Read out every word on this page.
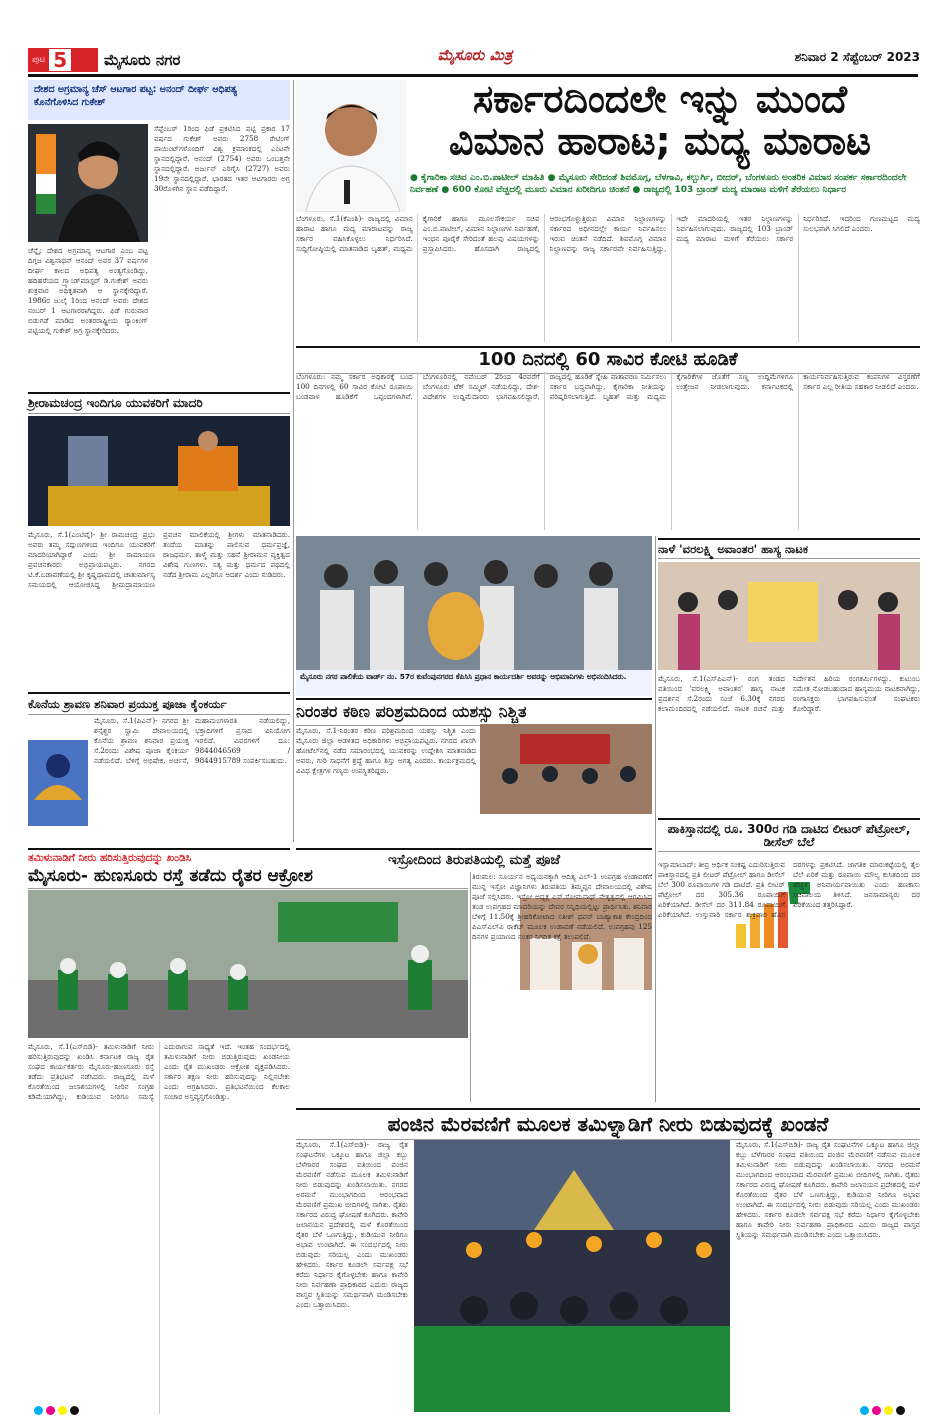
ಪುಟ 5 ಮೈಸೂರು ನಗರ	ಮೈಸೂರು ಮಿತ್ರ	ಶನಿವಾರ 2 ಸೆಪ್ಟೆಂಬರ್ 2023
ದೇಶದ ಅಗ್ರಮಾನ್ಯ ಚೆಸ್ ಆಟಗಾರ ಪಟ್ಟ: ಆನಂದ್ ದೀರ್ಘ ಆಧಿಪತ್ಯ ಕೊನೆಗೊಳಿಸಿದ ಗುಕೇಶ್
ಸೆಪ್ಟೆಂಬರ್ 1ರಿಂದ ಫಿಡೆ ಪ್ರಕಟಿಸಿದ ಪಟ್ಟಿ ಪ್ರಕಾರ 17 ವರ್ಷದ ಗುಕೇಶ್ ಅವರು 2758 ರೇಟಿಂಗ್ ಪಾಯಿಂಟ್‌ಗಳೊಂದಿಗೆ ವಿಶ್ವ ಕ್ರಮಾಂಕದಲ್ಲಿ ಎಂಟನೇ ಸ್ಥಾನದಲ್ಲಿದ್ದಾರೆ. ಆನಂದ್ (2754) ಅವರು ಒಂಬತ್ತನೇ ಸ್ಥಾನದಲ್ಲಿದ್ದಾರೆ. ಅರ್ಜುನ್ ಎರಿಗೈಸಿ (2727) ಅವರು 19ನೇ ಸ್ಥಾನದಲ್ಲಿದ್ದಾರೆ. ಭಾರತದ ಇತರ ಆಟಗಾರರು ಅಗ್ರ 30ರೊಳಗಿನ ಸ್ಥಾನ ಪಡೆದಿದ್ದಾರೆ.
ಚೆನ್ನೈ: ದೇಶದ ಅಗ್ರಮಾನ್ಯ ಆಟಗಾರ ಎಂಬ ಪಟ್ಟ ದಿಗ್ಗಜ ವಿಶ್ವನಾಥನ್ ಆನಂದ್ ಅವರ 37 ವರ್ಷಗಳ ದೀರ್ಘ ಕಾಲದ ಅಧಿಪತ್ಯ ಅಂತ್ಯಗೊಂಡಿದ್ದು, ಹದಿಹರೆಯದ ಗ್ರ್ಯಾಂಡ್‌ಮಾಸ್ಟರ್ ಡಿ.ಗುಕೇಶ್ ಅವರು ಶುಕ್ರವಾರ ಅಧಿಕೃತವಾಗಿ ಆ ಸ್ಥಾನಕ್ಕೇರಿದ್ದಾರೆ. 1986ರ ಜುಲೈ 1ರಿಂದ ಆನಂದ್ ಅವರು ದೇಶದ ನಂಬರ್ 1 ಆಟಗಾರರಾಗಿದ್ದರು. ಫಿಡೆ ಗುರುವಾರ ಬಿಡುಗಡೆ ಮಾಡಿದ ಅಂತರರಾಷ್ಟ್ರೀಯ ರ‍್ಯಾಂಕಿಂಗ್ ಪಟ್ಟಿಯಲ್ಲಿ ಗುಕೇಶ್ ಅಗ್ರ ಸ್ಥಾನಕ್ಕೇರಿದರು.
ಶ್ರೀರಾಮಚಂದ್ರ ಇಂದಿಗೂ ಯುವಕರಿಗೆ ಮಾದರಿ
ಮೈಸೂರು, ಸೆ.1(ಎಂಟಿವೈ)- ಶ್ರೀ ರಾಮಚಂದ್ರ ಪ್ರಭು ಅವರು ತಮ್ಮ ಸದ್ಗುಣಗಳಿಂದ ಇಂದಿಗೂ ಯುವಕರಿಗೆ ಮಾದರಿಯಾಗಿದ್ದಾರೆ ಎಂದು ಶ್ರೀ ರಾಮಾಯಣ ಪ್ರವಚನಕಾರರು ಅಭಿಪ್ರಾಯಪಟ್ಟರು. ನಗರದ ಟಿ.ಕೆ.ಬಡಾವಣೆಯಲ್ಲಿ ಶ್ರೀ ಕೃಷ್ಣಧಾಮದಲ್ಲಿ ಚಾತುರ್ಮಾಸ್ಯ ಸಮಯದಲ್ಲಿ ಆಯೋಜಿಸಿದ್ದ ಶ್ರೀಮದ್ರಾಮಾಯಣ ಪ್ರವಚನ ಮಾಲಿಕೆಯಲ್ಲಿ ಶ್ರೀಗಳು ಮಾತನಾಡಿದರು. ತಂದೆಯ ಮಾತನ್ನು ಪಾಲಿಸುವ ಧರ್ಮಪ್ರಜ್ಞೆ, ರಾಜಧರ್ಮ, ತಾಳ್ಮೆ ಮತ್ತು ಸಹನೆ ಶ್ರೀರಾಮನ ವ್ಯಕ್ತಿತ್ವದ ವಿಶೇಷ ಗುಣಗಳು. ಸತ್ಯ ಮತ್ತು ಧರ್ಮದ ಪಥದಲ್ಲಿ ನಡೆದ ಶ್ರೀರಾಮ ಎಲ್ಲರಿಗೂ ಆದರ್ಶ ಎಂದು ನುಡಿದರು.
ಕೊನೆಯ ಶ್ರಾವಣ ಶನಿವಾರ ಪ್ರಯುಕ್ತ ಪೂಜಾ ಕೈಂಕರ್ಯ
ಮೈಸೂರು, ಸೆ.1(ಪಿಎನ್)- ನಗರದ ಶ್ರೀ ಶನೈಶ್ಚರ ಸ್ವಾಮಿ ದೇವಾಲಯದಲ್ಲಿ ಕೊನೆಯ ಶ್ರಾವಣ ಶನಿವಾರ ಪ್ರಯುಕ್ತ ಸೆ.2ರಂದು ವಿಶೇಷ ಪೂಜಾ ಕೈಂಕರ್ಯ ನಡೆಯಲಿದೆ. ಬೆಳಿಗ್ಗೆ ಅಭಿಷೇಕ, ಅರ್ಚನೆ, ಮಹಾಮಂಗಳಾರತಿ ನಡೆಯಲಿದ್ದು, ಭಕ್ತಾದಿಗಳಿಗೆ ಪ್ರಸಾದ ವಿನಿಯೋಗ ಇರಲಿದೆ. ವಿವರಗಳಿಗೆ ದೂ: 9844046569 / 9844915789 ಸಂಪರ್ಕಿಸಬಹುದು.
ಸರ್ಕಾರದಿಂದಲೇ ಇನ್ನು ಮುಂದೆ
ವಿಮಾನ ಹಾರಾಟ; ಮದ್ಯ ಮಾರಾಟ
● ಕೈಗಾರಿಕಾ ಸಚಿವ ಎಂ.ಬಿ.ಪಾಟೀಲ್ ಮಾಹಿತಿ ● ಮೈಸೂರು ಸೇರಿದಂತೆ ಶಿವಮೊಗ್ಗ, ಬೆಳಗಾವಿ, ಕಲ್ಬುರ್ಗಿ, ಬೀದರ್, ಬೆಂಗಳೂರು ಅಂತರಿಕ ವಿಮಾನ ಸಂಪರ್ಕ ಸರ್ಕಾರದಿಂದಲೇ ನಿರ್ವಹಣೆ ● 600 ಕೋಟಿ ವೆಚ್ಚದಲ್ಲಿ ಮೂರು ವಿಮಾನ ಖರೀದಿಗೂ ಚಿಂತನೆ ● ರಾಜ್ಯದಲ್ಲಿ 103 ಬ್ರಾಂಡ್ ಮದ್ಯ ಮಾರಾಟ ಮಳಿಗೆ ತೆರೆಯಲು ನಿರ್ಧಾರ
ಬೆಂಗಳೂರು, ಸೆ.1(ಕೆಎಂಶಿ)- ರಾಜ್ಯದಲ್ಲಿ ವಿಮಾನ ಹಾರಾಟ ಹಾಗೂ ಮದ್ಯ ಮಾರಾಟವನ್ನು ರಾಜ್ಯ ಸರ್ಕಾರ ವಹಿಸಿಕೊಳ್ಳಲು ನಿರ್ಧರಿಸಿದೆ. ಸುದ್ದಿಗೋಷ್ಠಿಯಲ್ಲಿ ಮಾತನಾಡಿದ ಬೃಹತ್, ಮಧ್ಯಮ ಕೈಗಾರಿಕೆ ಹಾಗೂ ಮೂಲಸೌಕರ್ಯ ಸಚಿವ ಎಂ.ಬಿ.ಪಾಟೀಲ್, ವಿಮಾನ ನಿಲ್ದಾಣಗಳ ನಿರ್ವಹಣೆ, ಇಂಧನ ಪೂರೈಕೆ ಸೇರಿದಂತೆ ಹಲವು ವಿಷಯಗಳನ್ನು ಪ್ರಸ್ತಾಪಿಸಿದರು. ಹೊಸದಾಗಿ ರಾಜ್ಯದಲ್ಲಿ ಆರಂಭಗೊಳ್ಳುತ್ತಿರುವ ವಿಮಾನ ನಿಲ್ದಾಣಗಳನ್ನು ಸರ್ಕಾರದ ಅಧೀನದಲ್ಲೇ ಕಾರ್ಯ ನಿರ್ವಹಿಸಲು ಇರುವ ಚಿಂತನೆ ನಡೆದಿದೆ. ಶಿವಮೊಗ್ಗ ವಿಮಾನ ನಿಲ್ದಾಣವನ್ನು ರಾಜ್ಯ ಸರ್ಕಾರವೇ ನಿರ್ವಹಿಸುತ್ತಿದ್ದು, ಇದೇ ಮಾದರಿಯಲ್ಲಿ ಇತರ ನಿಲ್ದಾಣಗಳನ್ನು ನಿರ್ವಹಿಸಲಾಗುವುದು. ರಾಜ್ಯದಲ್ಲಿ 103 ಬ್ರಾಂಡ್ ಮದ್ಯ ಮಾರಾಟ ಮಳಿಗೆ ತೆರೆಯಲು ಸರ್ಕಾರ ನಿರ್ಧರಿಸಿದೆ. ಇದರಿಂದ ಗುಣಮಟ್ಟದ ಮದ್ಯ ಸುಲಭವಾಗಿ ಸಿಗಲಿದೆ ಎಂದರು.
100 ದಿನದಲ್ಲಿ 60 ಸಾವಿರ ಕೋಟಿ ಹೂಡಿಕೆ
ಬೆಂಗಳೂರು: ನಮ್ಮ ಸರ್ಕಾರ ಅಧಿಕಾರಕ್ಕೆ ಬಂದ 100 ದಿನಗಳಲ್ಲಿ 60 ಸಾವಿರ ಕೋಟಿ ರೂಪಾಯಿ ಬಂಡವಾಳ ಹೂಡಿಕೆಗೆ ಒಪ್ಪಂದಗಳಾಗಿವೆ. ಬೆಂಗಳೂರಿನಲ್ಲಿ ನವೆಂಬರ್ 2ರಿಂದ 4ರವರೆಗೆ ಬೆಂಗಳೂರು ಟೆಕ್ ಸಮ್ಮಿಟ್ ನಡೆಯಲಿದ್ದು, ದೇಶ-ವಿದೇಶಗಳ ಉದ್ದಿಮೆದಾರರು ಭಾಗವಹಿಸಲಿದ್ದಾರೆ. ರಾಜ್ಯದಲ್ಲಿ ಹೂಡಿಕೆ ಸ್ನೇಹಿ ವಾತಾವರಣ ನಿರ್ಮಿಸಲು ಸರ್ಕಾರ ಬದ್ಧವಾಗಿದ್ದು, ಕೈಗಾರಿಕಾ ನೀತಿಯನ್ನು ಪರಿಷ್ಕರಿಸಲಾಗುತ್ತಿದೆ. ಬೃಹತ್ ಮತ್ತು ಮಧ್ಯಮ ಕೈಗಾರಿಕೆಗಳ ಜೊತೆಗೆ ಸಣ್ಣ ಉದ್ದಿಮೆಗಳಿಗೂ ಉತ್ತೇಜನ ನೀಡಲಾಗುವುದು. ಕರ್ನಾಟಕದಲ್ಲಿ ಕಾರ್ಯನಿರ್ವಹಿಸುತ್ತಿರುವ ಕಂಪನಿಗಳ ವಿಸ್ತರಣೆಗೆ ಸರ್ಕಾರ ಎಲ್ಲ ರೀತಿಯ ಸಹಕಾರ ನೀಡಲಿದೆ ಎಂದರು.
ಮೈಸೂರು ನಗರ ಪಾಲಿಕೆಯ ವಾರ್ಡ್ ನಂ. 57ರ ಕುವೆಂಪುನಗರದ ಕೆಪಿಸಿಸಿ ಪ್ರಧಾನ ಕಾರ್ಯದರ್ಶಿ ಅವರನ್ನು ಅಭಿಮಾನಿಗಳು ಅಭಿನಂದಿಸಿದರು.
ನಿರಂತರ ಕಠಿಣ ಪರಿಶ್ರಮದಿಂದ ಯಶಸ್ಸು ನಿಶ್ಚಿತ
ಮೈಸೂರು, ಸೆ.1-ನಿರಂತರ ಕಠಿಣ ಪರಿಶ್ರಮದಿಂದ ಯಶಸ್ಸು ನಿಶ್ಚಿತ ಎಂದು ಮೈಸೂರು ಜಿಲ್ಲಾ ಆಡಳಿತದ ಅಧಿಕಾರಿಗಳು ಅಭಿಪ್ರಾಯಪಟ್ಟರು. ನಗರದ ಖಾಸಗಿ ಹೋಟೆಲ್‌ನಲ್ಲಿ ನಡೆದ ಸಮಾರಂಭದಲ್ಲಿ ಯುವಕರನ್ನು ಉದ್ದೇಶಿಸಿ ಮಾತನಾಡಿದ ಅವರು, ಗುರಿ ಸಾಧನೆಗೆ ಶ್ರದ್ಧೆ ಹಾಗೂ ಶಿಸ್ತು ಅಗತ್ಯ ಎಂದರು. ಕಾರ್ಯಕ್ರಮದಲ್ಲಿ ವಿವಿಧ ಕ್ಷೇತ್ರಗಳ ಗಣ್ಯರು ಉಪಸ್ಥಿತರಿದ್ದರು.
ನಾಳೆ 'ವರಲಕ್ಷ್ಮಿ ಅವಾಂತರ' ಹಾಸ್ಯ ನಾಟಕ
ಮೈಸೂರು, ಸೆ.1(ಎಸ್‌ಪಿಎನ್)- ರಂಗ ತಂಡದ ವತಿಯಿಂದ 'ವರಲಕ್ಷ್ಮಿ ಅವಾಂತರ' ಹಾಸ್ಯ ನಾಟಕ ಪ್ರದರ್ಶನ ಸೆ.2ರಂದು ಸಂಜೆ 6.30ಕ್ಕೆ ನಗರದ ಕಲಾಮಂದಿರದಲ್ಲಿ ನಡೆಯಲಿದೆ. ನಾಟಕ ರಚನೆ ಮತ್ತು ನಿರ್ದೇಶನ ಹಿರಿಯ ರಂಗಕರ್ಮಿಗಳದ್ದು. ಕುಟುಂಬ ಸಮೇತ ನೋಡಬಹುದಾದ ಹಾಸ್ಯಮಯ ನಾಟಕವಾಗಿದ್ದು, ರಂಗಾಸಕ್ತರು ಭಾಗವಹಿಸುವಂತೆ ಸಂಘಟಕರು ಕೋರಿದ್ದಾರೆ.
ಪಾಕಿಸ್ತಾನದಲ್ಲಿ ರೂ. 300ರ ಗಡಿ ದಾಟಿದ ಲೀಟರ್ ಪೆಟ್ರೋಲ್, ಡೀಸೆಲ್ ಬೆಲೆ
ಇಸ್ಲಾಮಾಬಾದ್: ತೀವ್ರ ಆರ್ಥಿಕ ಸಂಕಷ್ಟ ಎದುರಿಸುತ್ತಿರುವ ಪಾಕಿಸ್ತಾನದಲ್ಲಿ ಪ್ರತಿ ಲೀಟರ್ ಪೆಟ್ರೋಲ್ ಹಾಗೂ ಡೀಸೆಲ್ ಬೆಲೆ 300 ರೂಪಾಯಿಗಳ ಗಡಿ ದಾಟಿದೆ. ಪ್ರತಿ ಲೀಟರ್ ಪೆಟ್ರೋಲ್ ದರ 305.36 ರೂಪಾಯಿಗೆ ಏರಿಕೆಯಾಗಿದೆ. ಡೀಸೆಲ್ ದರ 311.84 ರೂಪಾಯಿಗೆ ಏರಿಕೆಯಾಗಿದೆ. ಉಸ್ತುವಾರಿ ಸರ್ಕಾರ ಶುಕ್ರವಾರ ಹೊಸ ದರಗಳನ್ನು ಪ್ರಕಟಿಸಿದೆ. ಜಾಗತಿಕ ಮಾರುಕಟ್ಟೆಯಲ್ಲಿ ತೈಲ ಬೆಲೆ ಏರಿಕೆ ಮತ್ತು ರೂಪಾಯಿ ಮೌಲ್ಯ ಕುಸಿತದಿಂದ ದರ ಹೆಚ್ಚಳ ಅನಿವಾರ್ಯವಾಯಿತು ಎಂದು ಹಣಕಾಸು ಸಚಿವಾಲಯ ತಿಳಿಸಿದೆ. ಜನಸಾಮಾನ್ಯರು ದರ ಏರಿಕೆಯಿಂದ ತತ್ತರಿಸಿದ್ದಾರೆ.
ತಮಿಳುನಾಡಿಗೆ ನೀರು ಹರಿಸುತ್ತಿರುವುದನ್ನು ಖಂಡಿಸಿ
ಮೈಸೂರು- ಹುಣಸೂರು ರಸ್ತೆ ತಡೆದು ರೈತರ ಆಕ್ರೋಶ
ಮೈಸೂರು, ಸೆ.1(ಎಸ್‌ಬಿಡಿ)- ತಮಿಳುನಾಡಿಗೆ ನೀರು ಹರಿಸುತ್ತಿರುವುದನ್ನು ಖಂಡಿಸಿ ಕರ್ನಾಟಕ ರಾಜ್ಯ ರೈತ ಸಂಘದ ಕಾರ್ಯಕರ್ತರು ಮೈಸೂರು-ಹುಣಸೂರು ರಸ್ತೆ ತಡೆದು ಪ್ರತಿಭಟನೆ ನಡೆಸಿದರು. ರಾಜ್ಯದಲ್ಲಿ ಮಳೆ ಕೊರತೆಯಿಂದ ಜಲಾಶಯಗಳಲ್ಲಿ ನೀರಿನ ಸಂಗ್ರಹ ಕಡಿಮೆಯಾಗಿದ್ದು, ಕುಡಿಯುವ ನೀರಿಗೂ ಸಮಸ್ಯೆ ಎದುರಾಗುವ ಸಾಧ್ಯತೆ ಇದೆ. ಇಂತಹ ಸಂದರ್ಭದಲ್ಲಿ ತಮಿಳುನಾಡಿಗೆ ನೀರು ಬಿಡುತ್ತಿರುವುದು ಖಂಡನೀಯ ಎಂದು ರೈತ ಮುಖಂಡರು ಆಕ್ರೋಶ ವ್ಯಕ್ತಪಡಿಸಿದರು. ಸರ್ಕಾರ ತಕ್ಷಣ ನೀರು ಹರಿಸುವುದನ್ನು ನಿಲ್ಲಿಸಬೇಕು ಎಂದು ಆಗ್ರಹಿಸಿದರು. ಪ್ರತಿಭಟನೆಯಿಂದ ಕೆಲಕಾಲ ಸಂಚಾರ ಅಸ್ತವ್ಯಸ್ತಗೊಂಡಿತ್ತು.
ಇಸ್ರೋದಿಂದ ತಿರುಪತಿಯಲ್ಲಿ ಮತ್ತೆ ಪೂಜೆ
ತಿರುಮಲ: ಸೂರ್ಯನ ಅಧ್ಯಯನಕ್ಕಾಗಿ ಆದಿತ್ಯ ಎಲ್-1 ಉಪಗ್ರಹ ಉಡಾವಣೆಗೆ ಮುನ್ನ ಇಸ್ರೋ ವಿಜ್ಞಾನಿಗಳು ತಿರುಪತಿಯ ತಿಮ್ಮಪ್ಪನ ದೇವಾಲಯದಲ್ಲಿ ವಿಶೇಷ ಪೂಜೆ ಸಲ್ಲಿಸಿದರು. ಇಸ್ರೋ ಅಧ್ಯಕ್ಷ ಎಸ್.ಸೋಮನಾಥ್ ನೇತೃತ್ವದಲ್ಲಿ ಆಗಮಿಸಿದ ತಂಡ ಉಪಗ್ರಹದ ಮಾದರಿಯನ್ನು ದೇವರ ಸನ್ನಿಧಿಯಲ್ಲಿಟ್ಟು ಪ್ರಾರ್ಥಿಸಿತು. ಶನಿವಾರ ಬೆಳಿಗ್ಗೆ 11.50ಕ್ಕೆ ಶ್ರೀಹರಿಕೋಟಾದ ಸತೀಶ್ ಧವನ್ ಬಾಹ್ಯಾಕಾಶ ಕೇಂದ್ರದಿಂದ ಪಿಎಸ್‌ಎಲ್‌ವಿ ರಾಕೆಟ್ ಮೂಲಕ ಉಡಾವಣೆ ನಡೆಯಲಿದೆ. ಉಪಗ್ರಹವು 125 ದಿನಗಳ ಪ್ರಯಾಣದ ನಂತರ ನಿಗದಿತ ಕಕ್ಷೆ ತಲುಪಲಿದೆ.
ಪಂಜಿನ ಮೆರವಣಿಗೆ ಮೂಲಕ ತಮಿಳ್ನಾಡಿಗೆ ನೀರು ಬಿಡುವುದಕ್ಕೆ ಖಂಡನೆ
ಮೈಸೂರು, ಸೆ.1(ಎಸ್‌ಬಿಡಿ)- ರಾಜ್ಯ ರೈತ ಸಂಘಟನೆಗಳ ಒಕ್ಕೂಟ ಹಾಗೂ ಜಿಲ್ಲಾ ಕಬ್ಬು ಬೆಳೆಗಾರರ ಸಂಘದ ವತಿಯಿಂದ ಪಂಜಿನ ಮೆರವಣಿಗೆ ನಡೆಸುವ ಮೂಲಕ ತಮಿಳುನಾಡಿಗೆ ನೀರು ಬಿಡುವುದನ್ನು ಖಂಡಿಸಲಾಯಿತು. ನಗರದ ಅರಮನೆ ಮುಂಭಾಗದಿಂದ ಆರಂಭವಾದ ಮೆರವಣಿಗೆ ಪ್ರಮುಖ ಬೀದಿಗಳಲ್ಲಿ ಸಾಗಿತು. ರೈತರು ಸರ್ಕಾರದ ವಿರುದ್ಧ ಘೋಷಣೆ ಕೂಗಿದರು. ಕಾವೇರಿ ಜಲಾನಯನ ಪ್ರದೇಶದಲ್ಲಿ ಮಳೆ ಕೊರತೆಯಿಂದ ರೈತರ ಬೆಳೆ ಒಣಗುತ್ತಿದ್ದು, ಕುಡಿಯುವ ನೀರಿಗೂ ಅಭಾವ ಉಂಟಾಗಿದೆ. ಈ ಸಂದರ್ಭದಲ್ಲಿ ನೀರು ಬಿಡುವುದು ಸರಿಯಲ್ಲ ಎಂದು ಮುಖಂಡರು ಹೇಳಿದರು. ಸರ್ಕಾರ ಕೂಡಲೇ ಸರ್ವಪಕ್ಷ ಸಭೆ ಕರೆದು ನಿರ್ಧಾರ ಕೈಗೊಳ್ಳಬೇಕು ಹಾಗೂ ಕಾವೇರಿ ನೀರು ನಿರ್ವಹಣಾ ಪ್ರಾಧಿಕಾರದ ಎದುರು ರಾಜ್ಯದ ವಾಸ್ತವ ಸ್ಥಿತಿಯನ್ನು ಸಮರ್ಥವಾಗಿ ಮಂಡಿಸಬೇಕು ಎಂದು ಒತ್ತಾಯಿಸಿದರು.
ಮೈಸೂರು, ಸೆ.1(ಎಸ್‌ಬಿಡಿ)- ರಾಜ್ಯ ರೈತ ಸಂಘಟನೆಗಳ ಒಕ್ಕೂಟ ಹಾಗೂ ಜಿಲ್ಲಾ ಕಬ್ಬು ಬೆಳೆಗಾರರ ಸಂಘದ ವತಿಯಿಂದ ಪಂಜಿನ ಮೆರವಣಿಗೆ ನಡೆಸುವ ಮೂಲಕ ತಮಿಳುನಾಡಿಗೆ ನೀರು ಬಿಡುವುದನ್ನು ಖಂಡಿಸಲಾಯಿತು. ನಗರದ ಅರಮನೆ ಮುಂಭಾಗದಿಂದ ಆರಂಭವಾದ ಮೆರವಣಿಗೆ ಪ್ರಮುಖ ಬೀದಿಗಳಲ್ಲಿ ಸಾಗಿತು. ರೈತರು ಸರ್ಕಾರದ ವಿರುದ್ಧ ಘೋಷಣೆ ಕೂಗಿದರು. ಕಾವೇರಿ ಜಲಾನಯನ ಪ್ರದೇಶದಲ್ಲಿ ಮಳೆ ಕೊರತೆಯಿಂದ ರೈತರ ಬೆಳೆ ಒಣಗುತ್ತಿದ್ದು, ಕುಡಿಯುವ ನೀರಿಗೂ ಅಭಾವ ಉಂಟಾಗಿದೆ. ಈ ಸಂದರ್ಭದಲ್ಲಿ ನೀರು ಬಿಡುವುದು ಸರಿಯಲ್ಲ ಎಂದು ಮುಖಂಡರು ಹೇಳಿದರು. ಸರ್ಕಾರ ಕೂಡಲೇ ಸರ್ವಪಕ್ಷ ಸಭೆ ಕರೆದು ನಿರ್ಧಾರ ಕೈಗೊಳ್ಳಬೇಕು ಹಾಗೂ ಕಾವೇರಿ ನೀರು ನಿರ್ವಹಣಾ ಪ್ರಾಧಿಕಾರದ ಎದುರು ರಾಜ್ಯದ ವಾಸ್ತವ ಸ್ಥಿತಿಯನ್ನು ಸಮರ್ಥವಾಗಿ ಮಂಡಿಸಬೇಕು ಎಂದು ಒತ್ತಾಯಿಸಿದರು.
